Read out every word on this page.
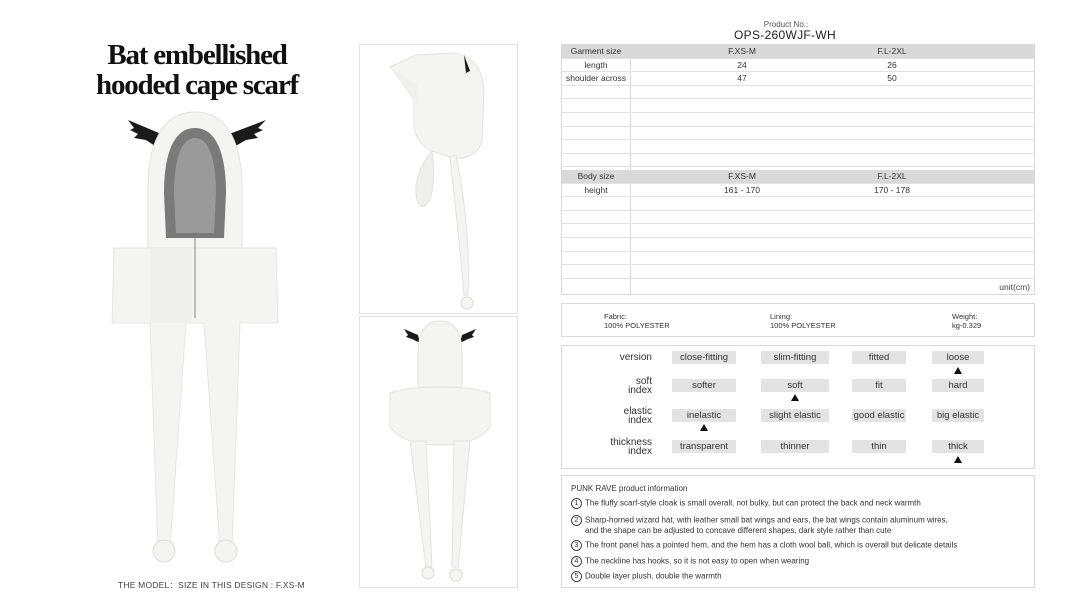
Bat embellished
hooded cape scarf
THE MODEL：SIZE IN THIS DESIGN : F.XS-M
Product No.:
OPS-260WJF-WH
Garment size	F.XS-M	F.L-2XL
length	24	26
shoulder across	47	50
Body size	F.XS-M	F.L-2XL
height	161 - 170	170 - 178
unit(cm)
Fabric:
100% POLYESTER
Lining:
100% POLYESTER
Weight:
kg-0.329
version	close-fitting	slim-fitting	fitted	loose
soft
index	softer	soft	fit	hard
elastic
index	inelastic	slight elastic	good elastic	big elastic
thickness
index	transparent	thinner	thin	thick
PUNK RAVE product information
1 The fluffy scarf-style cloak is small overall, not bulky, but can protect the back and neck warmth
2 Sharp-horned wizard hat, with leather small bat wings and ears, the bat wings contain aluminum wires,
and the shape can be adjusted to concave different shapes, dark style rather than cute
3 The front panel has a pointed hem, and the hem has a cloth wool ball, which is overall but delicate details
4 The neckline has hooks, so it is not easy to open when wearing
5 Double layer plush, double the warmth
